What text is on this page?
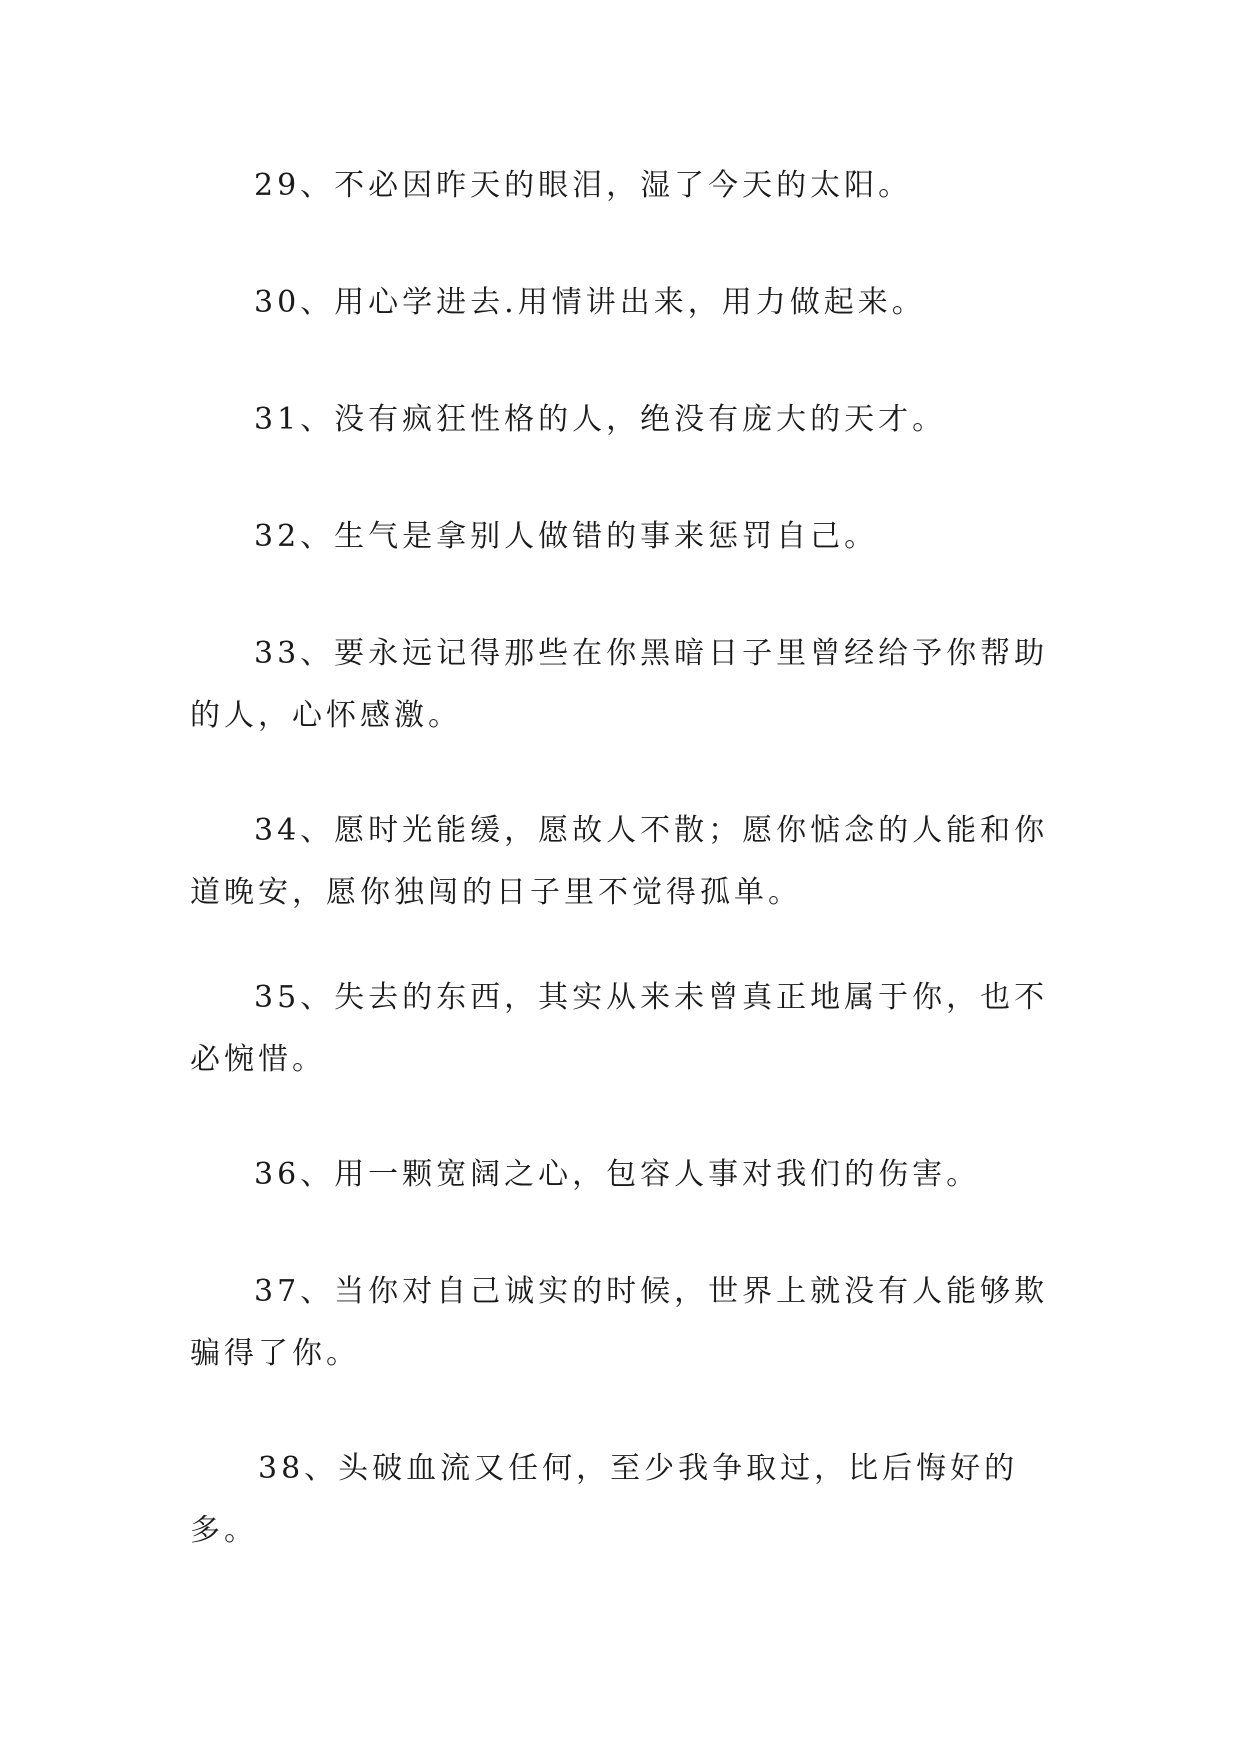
29、不必因昨天的眼泪，湿了今天的太阳。

30、用心学进去.用情讲出来，用力做起来。

31、没有疯狂性格的人，绝没有庞大的天才。

32、生气是拿别人做错的事来惩罚自己。

33、要永远记得那些在你黑暗日子里曾经给予你帮助的人，心怀感激。

34、愿时光能缓，愿故人不散；愿你惦念的人能和你道晚安，愿你独闯的日子里不觉得孤单。

35、失去的东西，其实从来未曾真正地属于你，也不必惋惜。

36、用一颗宽阔之心，包容人事对我们的伤害。

37、当你对自己诚实的时候，世界上就没有人能够欺骗得了你。

38、头破血流又任何，至少我争取过，比后悔好的多。
